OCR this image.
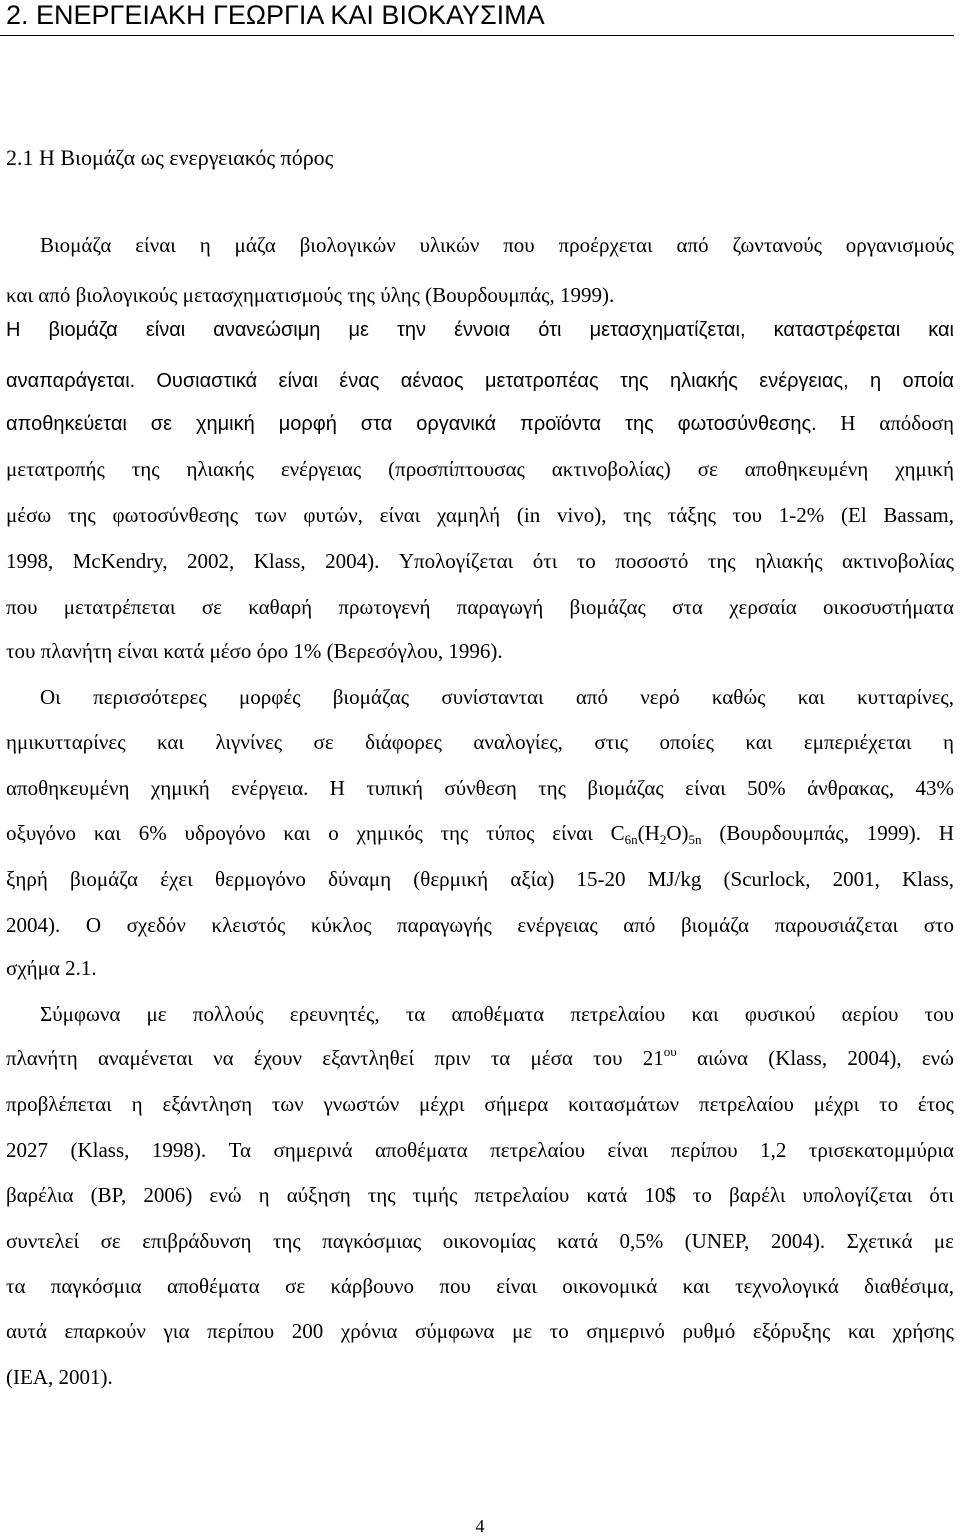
2. ΕΝΕΡΓΕΙΑΚΗ ΓΕΩΡΓΙΑ ΚΑΙ ΒΙΟΚΑΥΣΙΜΑ
2.1 Η Βιομάζα ως ενεργειακός πόρος
Βιομάζα είναι η μάζα βιολογικών υλικών που προέρχεται από ζωντανούς οργανισμούς
και από βιολογικούς μετασχηματισμούς της ύλης (Βουρδουμπάς, 1999).
Η βιομάζα είναι ανανεώσιμη με την έννοια ότι μετασχηματίζεται, καταστρέφεται και
αναπαράγεται. Ουσιαστικά είναι ένας αέναος μετατροπέας της ηλιακής ενέργειας, η οποία
αποθηκεύεται σε χημική μορφή στα οργανικά προϊόντα της φωτοσύνθεσης. Η απόδοση
μετατροπής της ηλιακής ενέργειας (προσπίπτουσας ακτινοβολίας) σε αποθηκευμένη χημική
μέσω της φωτοσύνθεσης των φυτών, είναι χαμηλή (in vivo), της τάξης του 1-2% (El Bassam,
1998, McKendry, 2002, Klass, 2004). Υπολογίζεται ότι το ποσοστό της ηλιακής ακτινοβολίας
που μετατρέπεται σε καθαρή πρωτογενή παραγωγή βιομάζας στα χερσαία οικοσυστήματα
του πλανήτη είναι κατά μέσο όρο 1% (Βερεσόγλου, 1996).
Οι περισσότερες μορφές βιομάζας συνίστανται από νερό καθώς και κυτταρίνες,
ημικυτταρίνες και λιγνίνες σε διάφορες αναλογίες, στις οποίες και εμπεριέχεται η
αποθηκευμένη χημική ενέργεια. Η τυπική σύνθεση της βιομάζας είναι 50% άνθρακας, 43%
οξυγόνο και 6% υδρογόνο και ο χημικός της τύπος είναι $C_{6n}(H_2O)_{5n}$ (Βουρδουμπάς, 1999). Η
ξηρή βιομάζα έχει θερμογόνο δύναμη (θερμική αξία) 15-20 MJ/kg (Scurlock, 2001, Klass,
2004). Ο σχεδόν κλειστός κύκλος παραγωγής ενέργειας από βιομάζα παρουσιάζεται στο
σχήμα 2.1.
Σύμφωνα με πολλούς ερευνητές, τα αποθέματα πετρελαίου και φυσικού αερίου του
πλανήτη αναμένεται να έχουν εξαντληθεί πριν τα μέσα του $21^{o\upsilon}$ αιώνα (Klass, 2004), ενώ
προβλέπεται η εξάντληση των γνωστών μέχρι σήμερα κοιτασμάτων πετρελαίου μέχρι το έτος
2027 (Klass, 1998). Τα σημερινά αποθέματα πετρελαίου είναι περίπου 1,2 τρισεκατομμύρια
βαρέλια (BP, 2006) ενώ η αύξηση της τιμής πετρελαίου κατά 10$ το βαρέλι υπολογίζεται ότι
συντελεί σε επιβράδυνση της παγκόσμιας οικονομίας κατά 0,5% (UNEP, 2004). Σχετικά με
τα παγκόσμια αποθέματα σε κάρβουνο που είναι οικονομικά και τεχνολογικά διαθέσιμα,
αυτά επαρκούν για περίπου 200 χρόνια σύμφωνα με το σημερινό ρυθμό εξόρυξης και χρήσης
(IEA, 2001).
4
